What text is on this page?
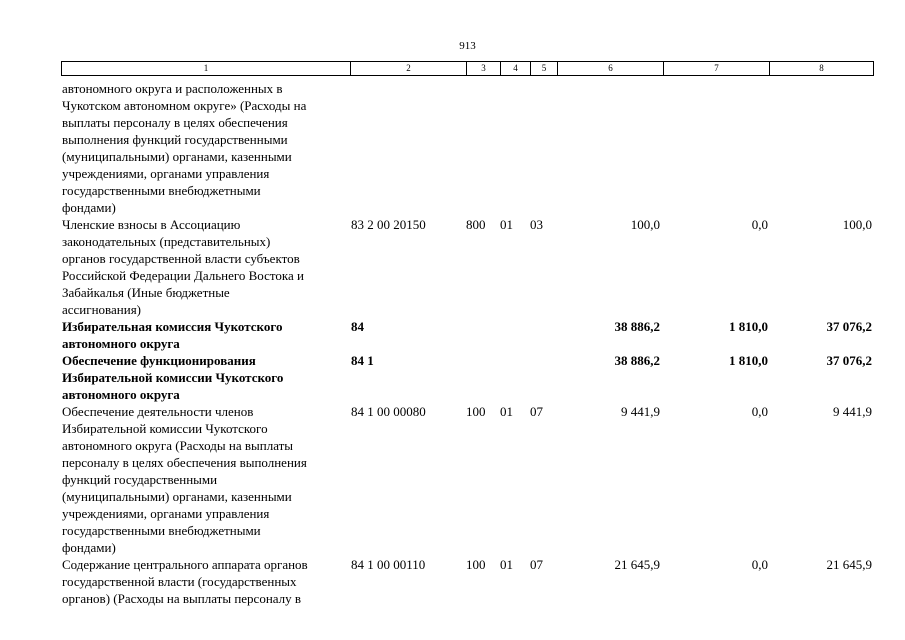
913
1	2	3	4	5	6	7	8
автономного округа и расположенных в
Чукотском автономном округе» (Расходы на
выплаты персоналу в целях обеспечения
выполнения функций государственными
(муниципальными) органами, казенными
учреждениями, органами управления
государственными внебюджетными
фондами)
Членские взносы в Ассоциацию
законодательных (представительных)
органов государственной власти субъектов
Российской Федерации Дальнего Востока и
Забайкалья (Иные бюджетные
ассигнования)
83 2 00 20150	800 01 03	100,0	0,0	100,0
Избирательная комиссия Чукотского
автономного округа
84	38 886,2	1 810,0	37 076,2
Обеспечение функционирования
Избирательной комиссии Чукотского
автономного округа
84 1	38 886,2	1 810,0	37 076,2
Обеспечение деятельности членов
Избирательной комиссии Чукотского
автономного округа (Расходы на выплаты
персоналу в целях обеспечения выполнения
функций государственными
(муниципальными) органами, казенными
учреждениями, органами управления
государственными внебюджетными
фондами)
84 1 00 00080	100 01 07	9 441,9	0,0	9 441,9
Содержание центрального аппарата органов
государственной власти (государственных
органов) (Расходы на выплаты персоналу в
84 1 00 00110	100 01 07	21 645,9	0,0	21 645,9
